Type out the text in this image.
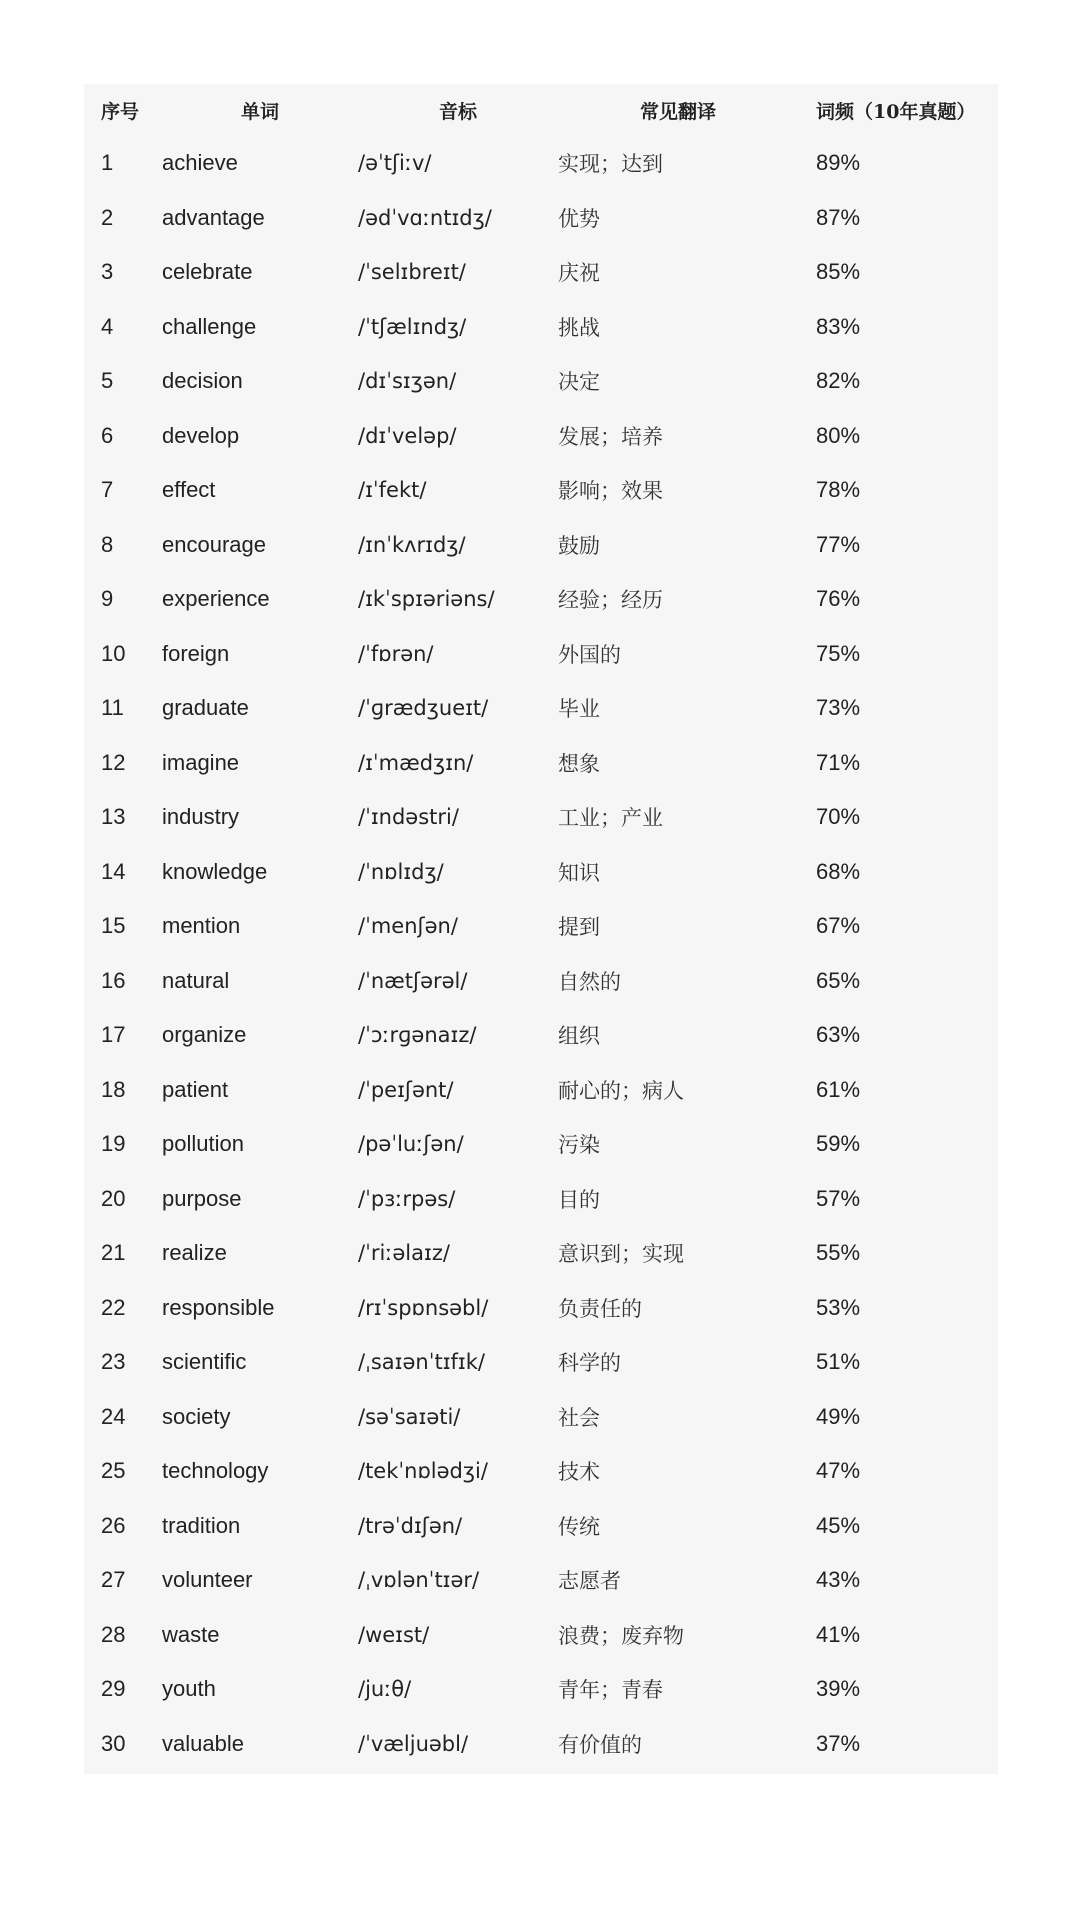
序号	单词	音标	常见翻译	词频（10年真题）
1	achieve	/əˈtʃiːv/	实现；达到	89%
2	advantage	/ədˈvɑːntɪdʒ/	优势	87%
3	celebrate	/ˈselɪbreɪt/	庆祝	85%
4	challenge	/ˈtʃælɪndʒ/	挑战	83%
5	decision	/dɪˈsɪʒən/	决定	82%
6	develop	/dɪˈveləp/	发展；培养	80%
7	effect	/ɪˈfekt/	影响；效果	78%
8	encourage	/ɪnˈkʌrɪdʒ/	鼓励	77%
9	experience	/ɪkˈspɪəriəns/	经验；经历	76%
10	foreign	/ˈfɒrən/	外国的	75%
11	graduate	/ˈɡrædʒueɪt/	毕业	73%
12	imagine	/ɪˈmædʒɪn/	想象	71%
13	industry	/ˈɪndəstri/	工业；产业	70%
14	knowledge	/ˈnɒlɪdʒ/	知识	68%
15	mention	/ˈmenʃən/	提到	67%
16	natural	/ˈnætʃərəl/	自然的	65%
17	organize	/ˈɔːrɡənaɪz/	组织	63%
18	patient	/ˈpeɪʃənt/	耐心的；病人	61%
19	pollution	/pəˈluːʃən/	污染	59%
20	purpose	/ˈpɜːrpəs/	目的	57%
21	realize	/ˈriːəlaɪz/	意识到；实现	55%
22	responsible	/rɪˈspɒnsəbl/	负责任的	53%
23	scientific	/ˌsaɪənˈtɪfɪk/	科学的	51%
24	society	/səˈsaɪəti/	社会	49%
25	technology	/tekˈnɒlədʒi/	技术	47%
26	tradition	/trəˈdɪʃən/	传统	45%
27	volunteer	/ˌvɒlənˈtɪər/	志愿者	43%
28	waste	/weɪst/	浪费；废弃物	41%
29	youth	/juːθ/	青年；青春	39%
30	valuable	/ˈvæljuəbl/	有价值的	37%
